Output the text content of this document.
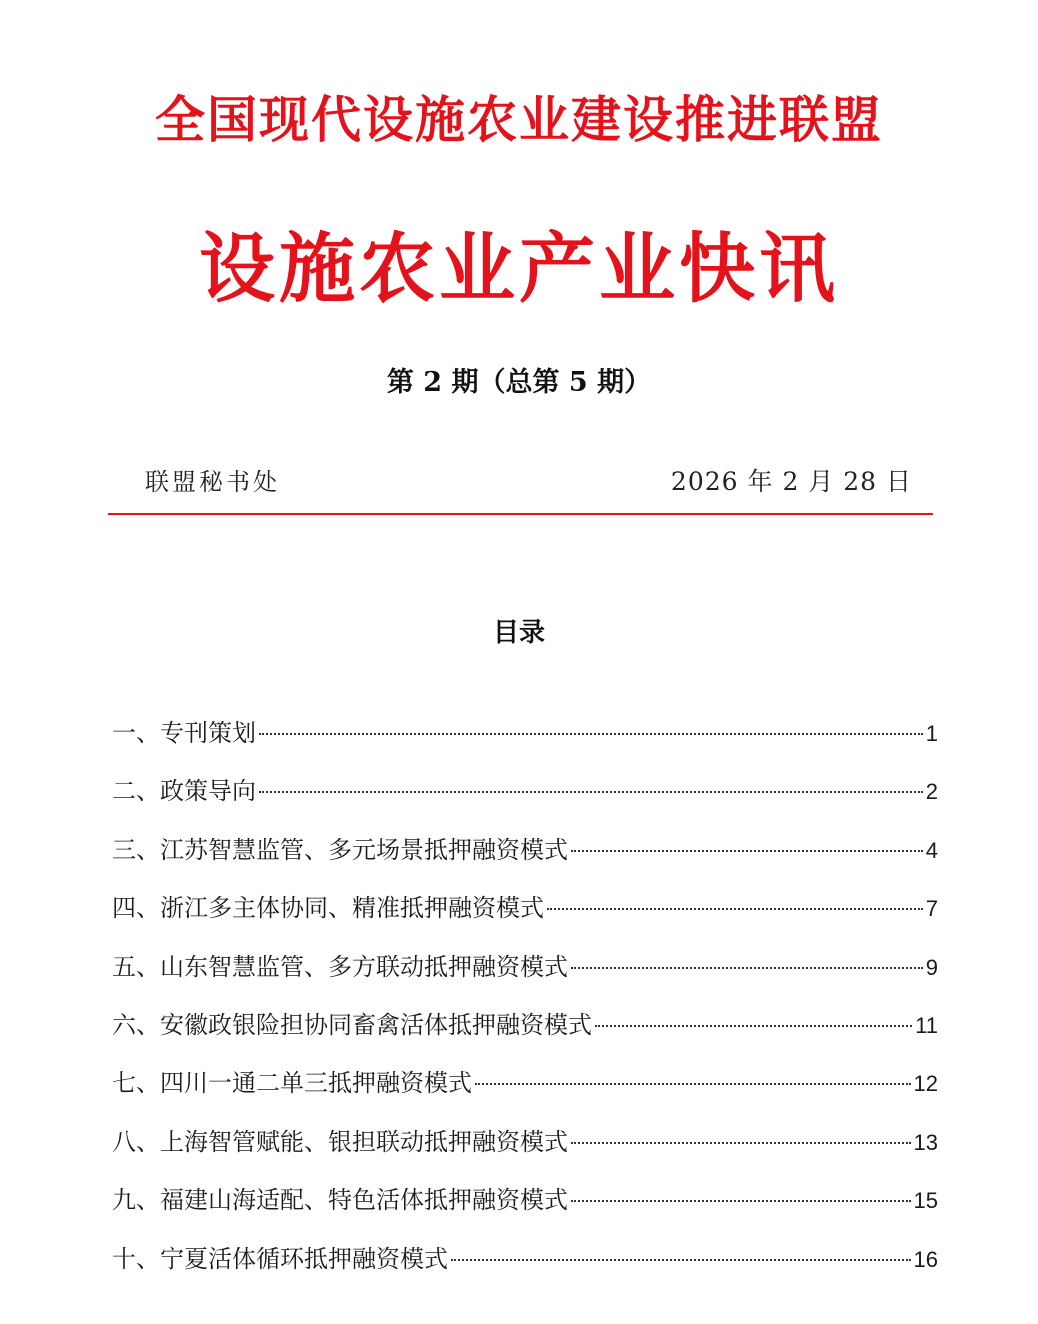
全国现代设施农业建设推进联盟
设施农业产业快讯
第 2 期（总第 5 期）
联盟秘书处	2026 年 2 月 28 日
目录
一、专刊策划	1
二、政策导向	2
三、江苏智慧监管、多元场景抵押融资模式	4
四、浙江多主体协同、精准抵押融资模式	7
五、山东智慧监管、多方联动抵押融资模式	9
六、安徽政银险担协同畜禽活体抵押融资模式	11
七、四川一通二单三抵押融资模式	12
八、上海智管赋能、银担联动抵押融资模式	13
九、福建山海适配、特色活体抵押融资模式	15
十、宁夏活体循环抵押融资模式	16
